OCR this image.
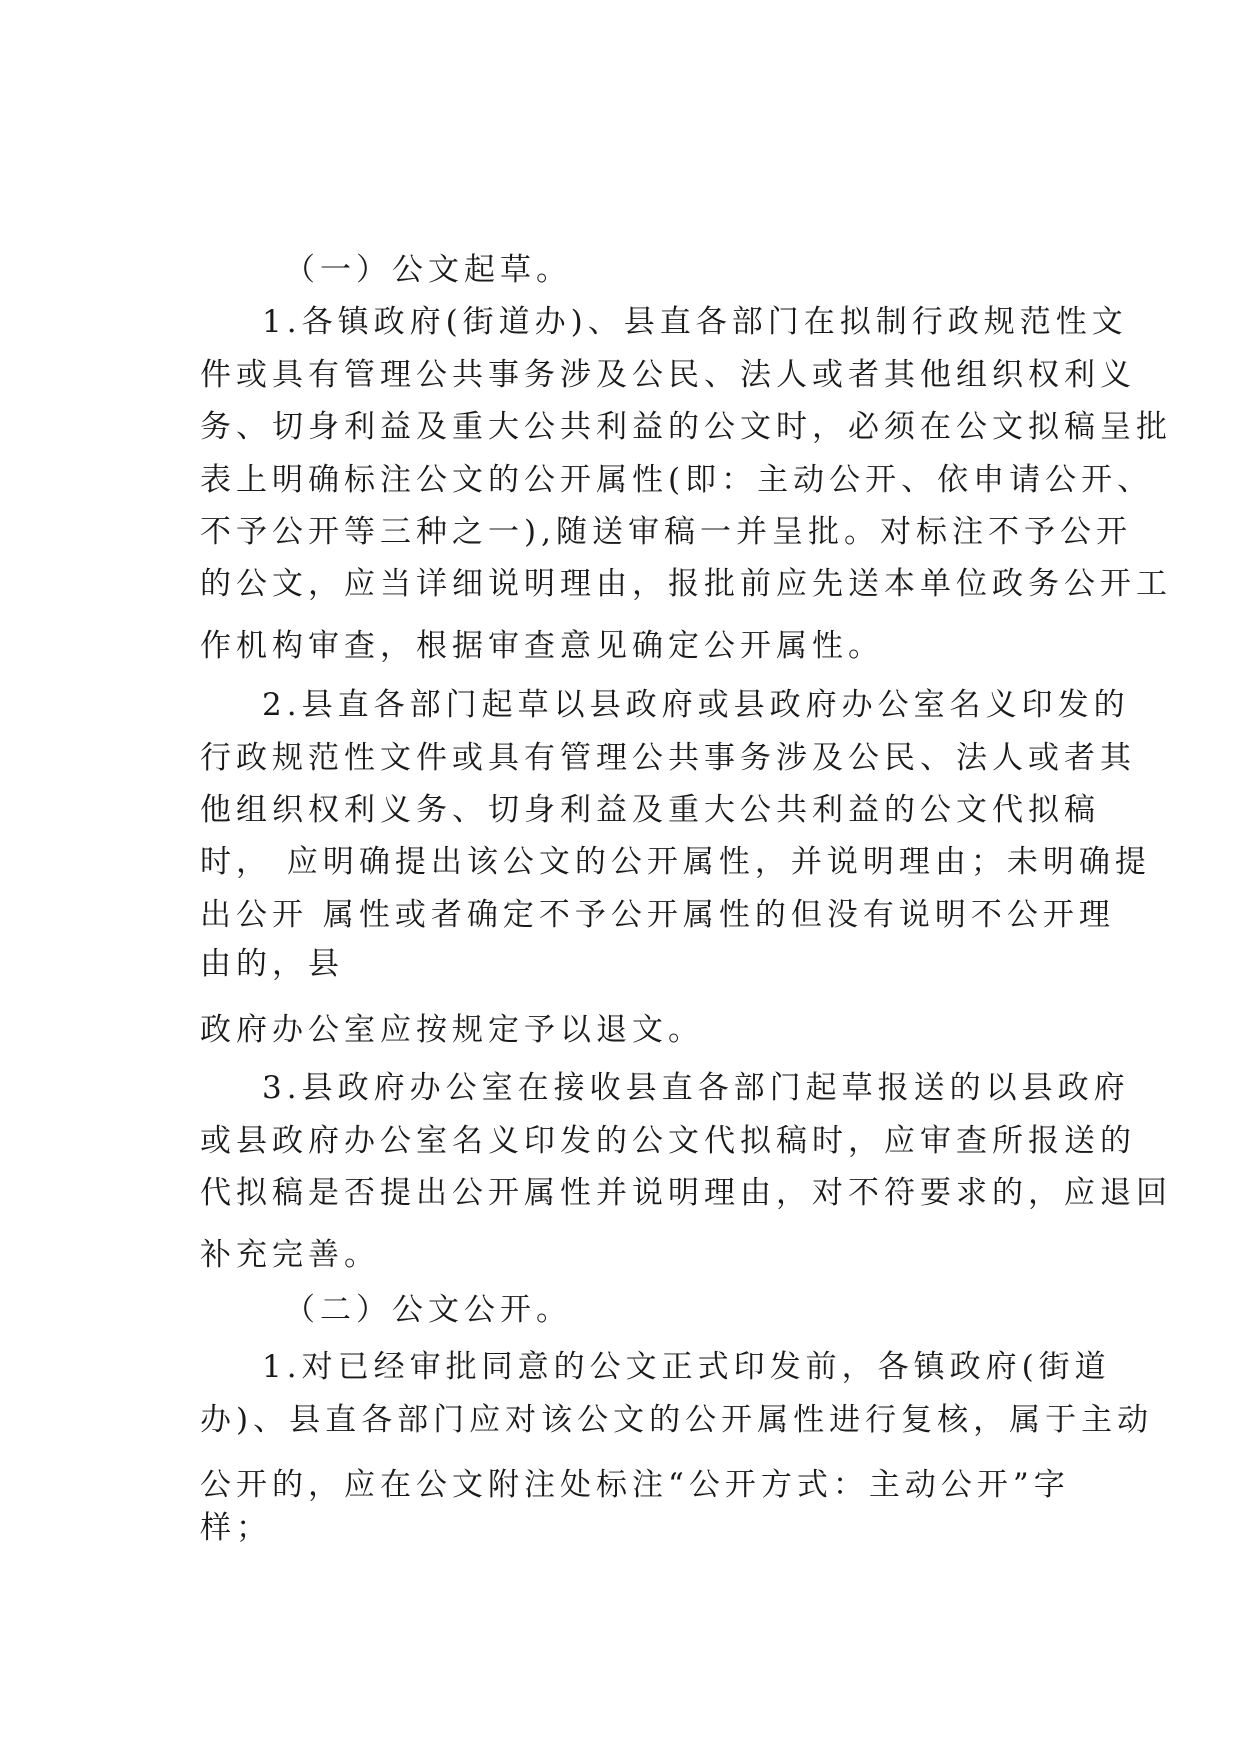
（一）公文起草。
1.各镇政府(街道办)、县直各部门在拟制行政规范性文
件或具有管理公共事务涉及公民、法人或者其他组织权利义
务、切身利益及重大公共利益的公文时，必须在公文拟稿呈批
表上明确标注公文的公开属性(即：主动公开、依申请公开、
不予公开等三种之一),随送审稿一并呈批。对标注不予公开
的公文，应当详细说明理由，报批前应先送本单位政务公开工
作机构审查，根据审查意见确定公开属性。
2.县直各部门起草以县政府或县政府办公室名义印发的
行政规范性文件或具有管理公共事务涉及公民、法人或者其
他组织权利义务、切身利益及重大公共利益的公文代拟稿
时， 应明确提出该公文的公开属性，并说明理由；未明确提
出公开 属性或者确定不予公开属性的但没有说明不公开理
由的，县
政府办公室应按规定予以退文。
3.县政府办公室在接收县直各部门起草报送的以县政府
或县政府办公室名义印发的公文代拟稿时，应审查所报送的
代拟稿是否提出公开属性并说明理由，对不符要求的，应退回
补充完善。
（二）公文公开。
1.对已经审批同意的公文正式印发前，各镇政府(街道
办)、县直各部门应对该公文的公开属性进行复核，属于主动
公开的，应在公文附注处标注“公开方式：主动公开”字
样；
